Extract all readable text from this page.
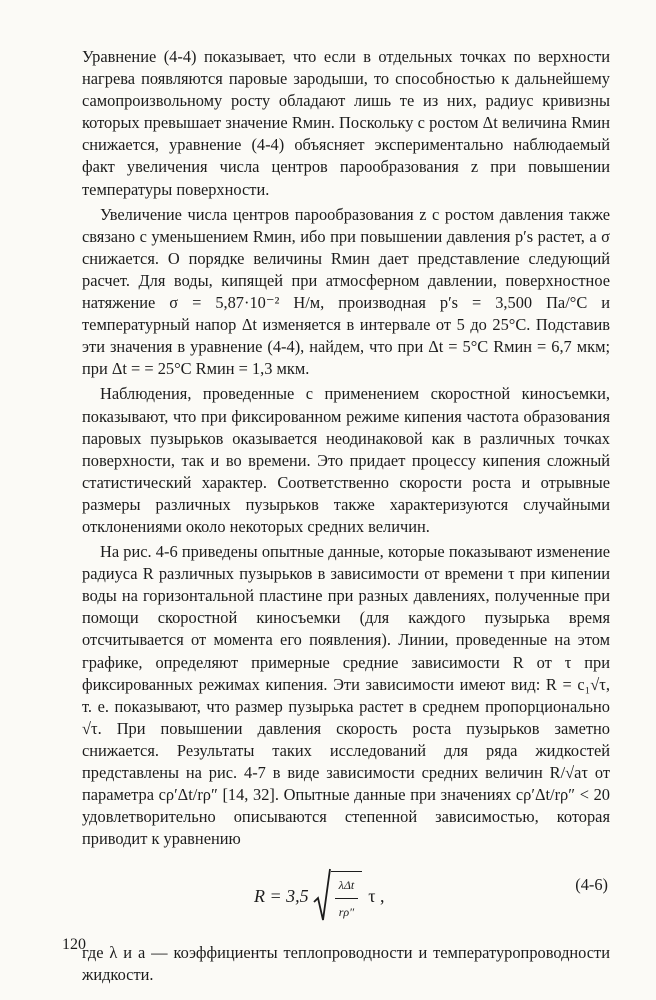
Уравнение (4-4) показывает, что если в отдельных точках по верхности нагрева появляются паровые зародыши, то способностью к дальнейшему самопроизвольному росту обладают лишь те из них, радиус кривизны которых превышает значение Rмин. Поскольку с ростом Δt величина Rмин снижается, уравнение (4-4) объясняет экспериментально наблюдаемый факт увеличения числа центров парообразования z при повышении температуры поверхности.

Увеличение числа центров парообразования z с ростом давления также связано с уменьшением Rмин, ибо при повышении давления p′s растет, а σ снижается. О порядке величины Rмин дает представление следующий расчет. Для воды, кипящей при атмосферном давлении, поверхностное натяжение σ = 5,87·10⁻² Н/м, производная p′s = 3,500 Па/°С и температурный напор Δt изменяется в интервале от 5 до 25°С. Подставив эти значения в уравнение (4-4), найдем, что при Δt = 5°С Rмин = 6,7 мкм; при Δt = = 25°С Rмин = 1,3 мкм.

Наблюдения, проведенные с применением скоростной киносъемки, показывают, что при фиксированном режиме кипения частота образования паровых пузырьков оказывается неодинаковой как в различных точках поверхности, так и во времени. Это придает процессу кипения сложный статистический характер. Соответственно скорости роста и отрывные размеры различных пузырьков также характеризуются случайными отклонениями около некоторых средних величин.

На рис. 4-6 приведены опытные данные, которые показывают изменение радиуса R различных пузырьков в зависимости от времени τ при кипении воды на горизонтальной пластине при разных давлениях, полученные при помощи скоростной киносъемки (для каждого пузырька время отсчитывается от момента его появления). Линии, проведенные на этом графике, определяют примерные средние зависимости R от τ при фиксированных режимах кипения. Эти зависимости имеют вид: R = c₁√τ, т. е. показывают, что размер пузырька растет в среднем пропорционально √τ. При повышении давления скорость роста пузырьков заметно снижается. Результаты таких исследований для ряда жидкостей представлены на рис. 4-7 в виде зависимости средних величин R/√aτ от параметра cρ′Δt/rρ″ [14, 32]. Опытные данные при значениях cρ′Δt/rρ″ < 20 удовлетворительно описываются степенной зависимостью, которая приводит к уравнению

$R = 3,5 \frac{\text{λΔt}}{r\rho''}$ τ ,
(4-6)

где λ и a — коэффициенты теплопроводности и температуропроводности жидкости.

120
